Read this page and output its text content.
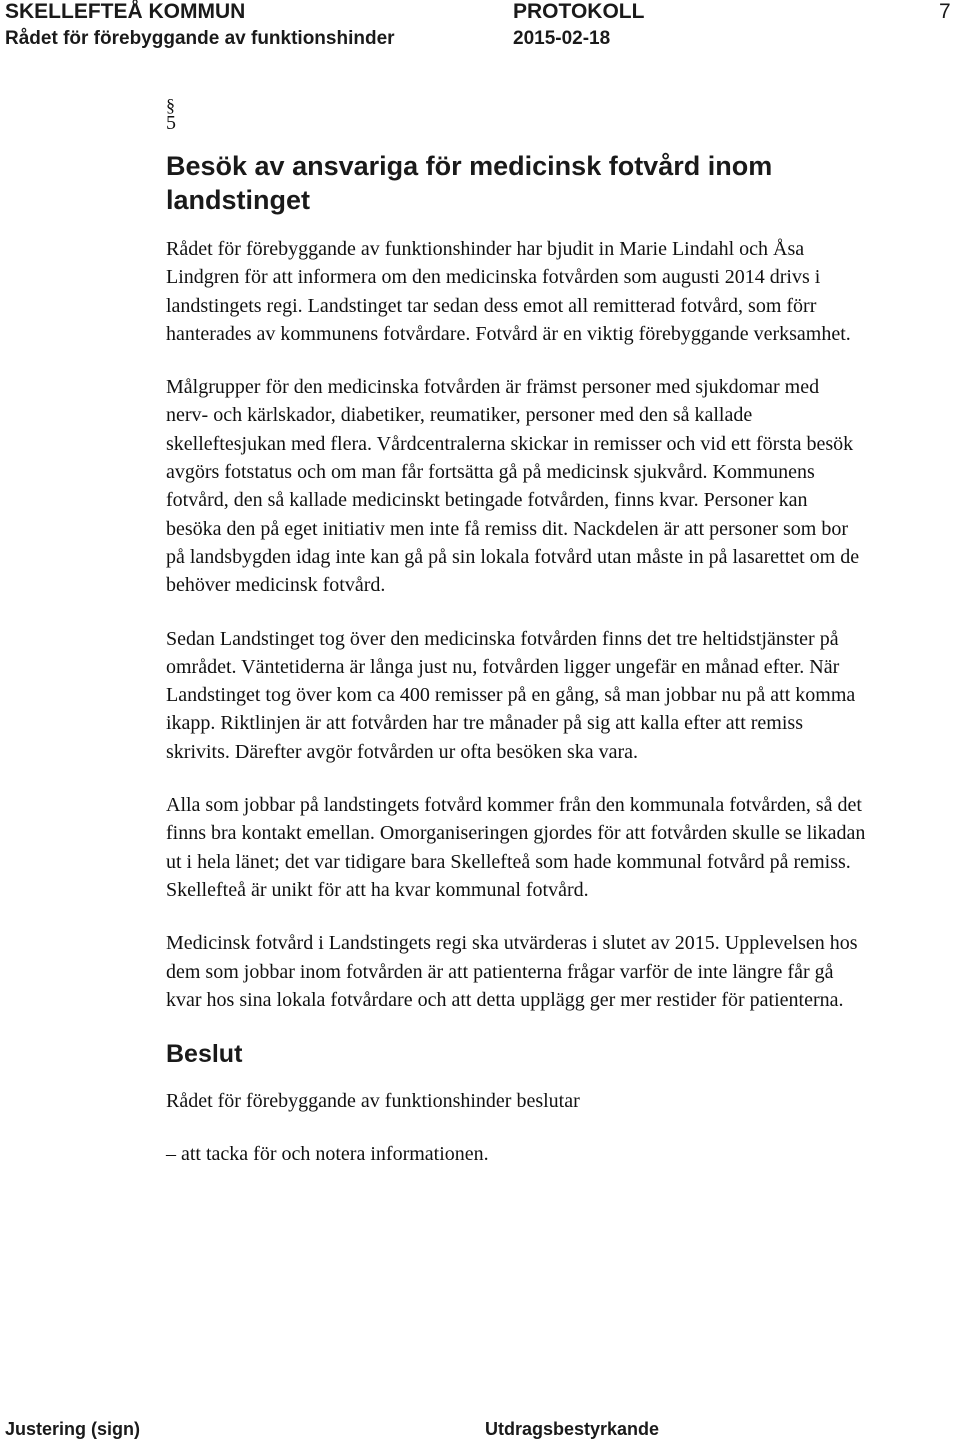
SKELLEFTEÅ KOMMUN
Rådet för förebyggande av funktionshinder
PROTOKOLL
2015-02-18
7
§
5
Besök av ansvariga för medicinsk fotvård inom landstinget

Rådet för förebyggande av funktionshinder har bjudit in Marie Lindahl och Åsa Lindgren för att informera om den medicinska fotvården som augusti 2014 drivs i landstingets regi. Landstinget tar sedan dess emot all remitterad fotvård, som förr hanterades av kommunens fotvårdare. Fotvård är en viktig förebyggande verksamhet.

Målgrupper för den medicinska fotvården är främst personer med sjukdomar med nerv- och kärlskador, diabetiker, reumatiker, personer med den så kallade skelleftesjukan med flera. Vårdcentralerna skickar in remisser och vid ett första besök avgörs fotstatus och om man får fortsätta gå på medicinsk sjukvård. Kommunens fotvård, den så kallade medicinskt betingade fotvården, finns kvar. Personer kan besöka den på eget initiativ men inte få remiss dit. Nackdelen är att personer som bor på landsbygden idag inte kan gå på sin lokala fotvård utan måste in på lasarettet om de behöver medicinsk fotvård.

Sedan Landstinget tog över den medicinska fotvården finns det tre heltidstjänster på området. Väntetiderna är långa just nu, fotvården ligger ungefär en månad efter. När Landstinget tog över kom ca 400 remisser på en gång, så man jobbar nu på att komma ikapp. Riktlinjen är att fotvården har tre månader på sig att kalla efter att remiss skrivits. Därefter avgör fotvården ur ofta besöken ska vara.

Alla som jobbar på landstingets fotvård kommer från den kommunala fotvården, så det finns bra kontakt emellan. Omorganiseringen gjordes för att fotvården skulle se likadan ut i hela länet; det var tidigare bara Skellefteå som hade kommunal fotvård på remiss. Skellefteå är unikt för att ha kvar kommunal fotvård.

Medicinsk fotvård i Landstingets regi ska utvärderas i slutet av 2015. Upplevelsen hos dem som jobbar inom fotvården är att patienterna frågar varför de inte längre får gå kvar hos sina lokala fotvårdare och att detta upplägg ger mer restider för patienterna.

Beslut

Rådet för förebyggande av funktionshinder beslutar

– att tacka för och notera informationen.

Justering (sign)	Utdragsbestyrkande
